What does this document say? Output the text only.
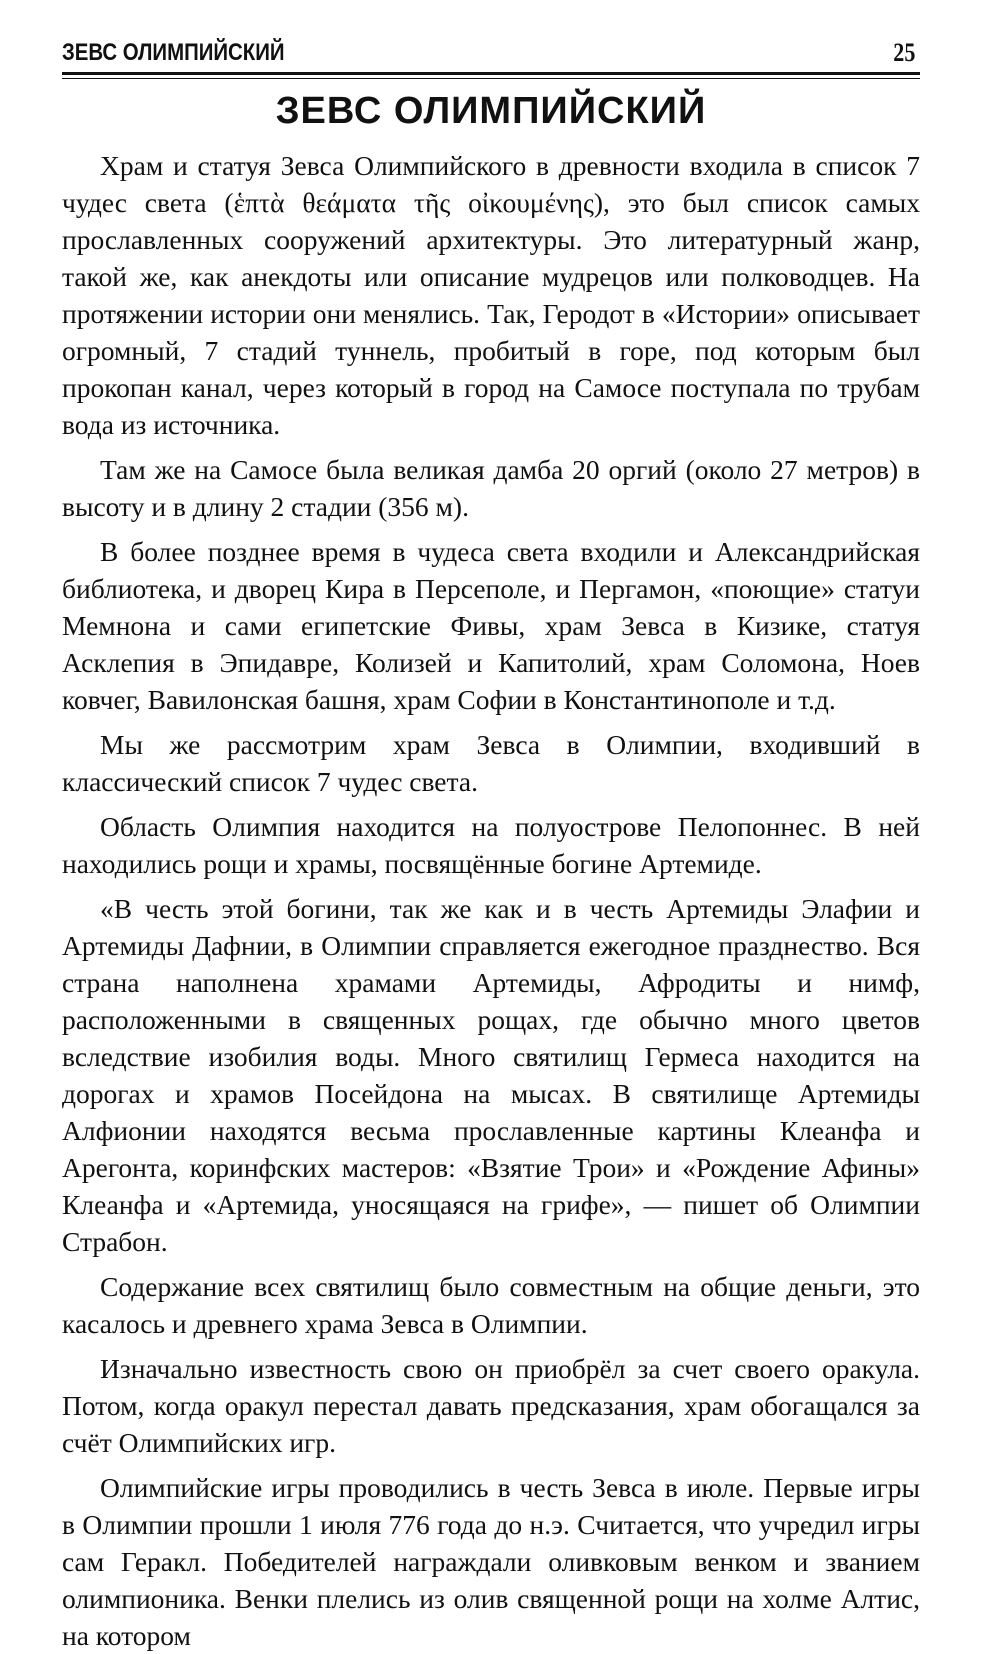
ЗЕВС ОЛИМПИЙСКИЙ	25
ЗЕВС ОЛИМПИЙСКИЙ

Храм и статуя Зевса Олимпийского в древности входила в список 7 чудес света (ἑπτὰ θεάματα τῆς οἰκουμένης), это был список самых прославленных сооружений архитектуры. Это литературный жанр, такой же, как анекдоты или описание мудрецов или полководцев. На протяжении истории они менялись. Так, Геродот в «Истории» описывает огромный, 7 стадий туннель, пробитый в горе, под которым был прокопан канал, через который в город на Самосе поступала по трубам вода из источника.

Там же на Самосе была великая дамба 20 оргий (около 27 метров) в высоту и в длину 2 стадии (356 м).

В более позднее время в чудеса света входили и Александрийская библиотека, и дворец Кира в Персеполе, и Пергамон, «поющие» статуи Мемнона и сами египетские Фивы, храм Зевса в Кизике, статуя Асклепия в Эпидавре, Колизей и Капитолий, храм Соломона, Ноев ковчег, Вавилонская башня, храм Софии в Константинополе и т.д.

Мы же рассмотрим храм Зевса в Олимпии, входивший в классический список 7 чудес света.

Область Олимпия находится на полуострове Пелопоннес. В ней находились рощи и храмы, посвящённые богине Артемиде.

«В честь этой богини, так же как и в честь Артемиды Элафии и Артемиды Дафнии, в Олимпии справляется ежегодное празднество. Вся страна наполнена храмами Артемиды, Афродиты и нимф, расположенными в священных рощах, где обычно много цветов вследствие изобилия воды. Много святилищ Гермеса находится на дорогах и храмов Посейдона на мысах. В святилище Артемиды Алфионии находятся весьма прославленные картины Клеанфа и Арегонта, коринфских мастеров: «Взятие Трои» и «Рождение Афины» Клеанфа и «Артемида, уносящаяся на грифе», — пишет об Олимпии Страбон.

Содержание всех святилищ было совместным на общие деньги, это касалось и древнего храма Зевса в Олимпии.

Изначально известность свою он приобрёл за счет своего оракула. Потом, когда оракул перестал давать предсказания, храм обогащался за счёт Олимпийских игр.

Олимпийские игры проводились в честь Зевса в июле. Первые игры в Олимпии прошли 1 июля 776 года до н.э. Считается, что учредил игры сам Геракл. Победителей награждали оливковым венком и званием олимпионика. Венки плелись из олив священной рощи на холме Алтис, на котором
